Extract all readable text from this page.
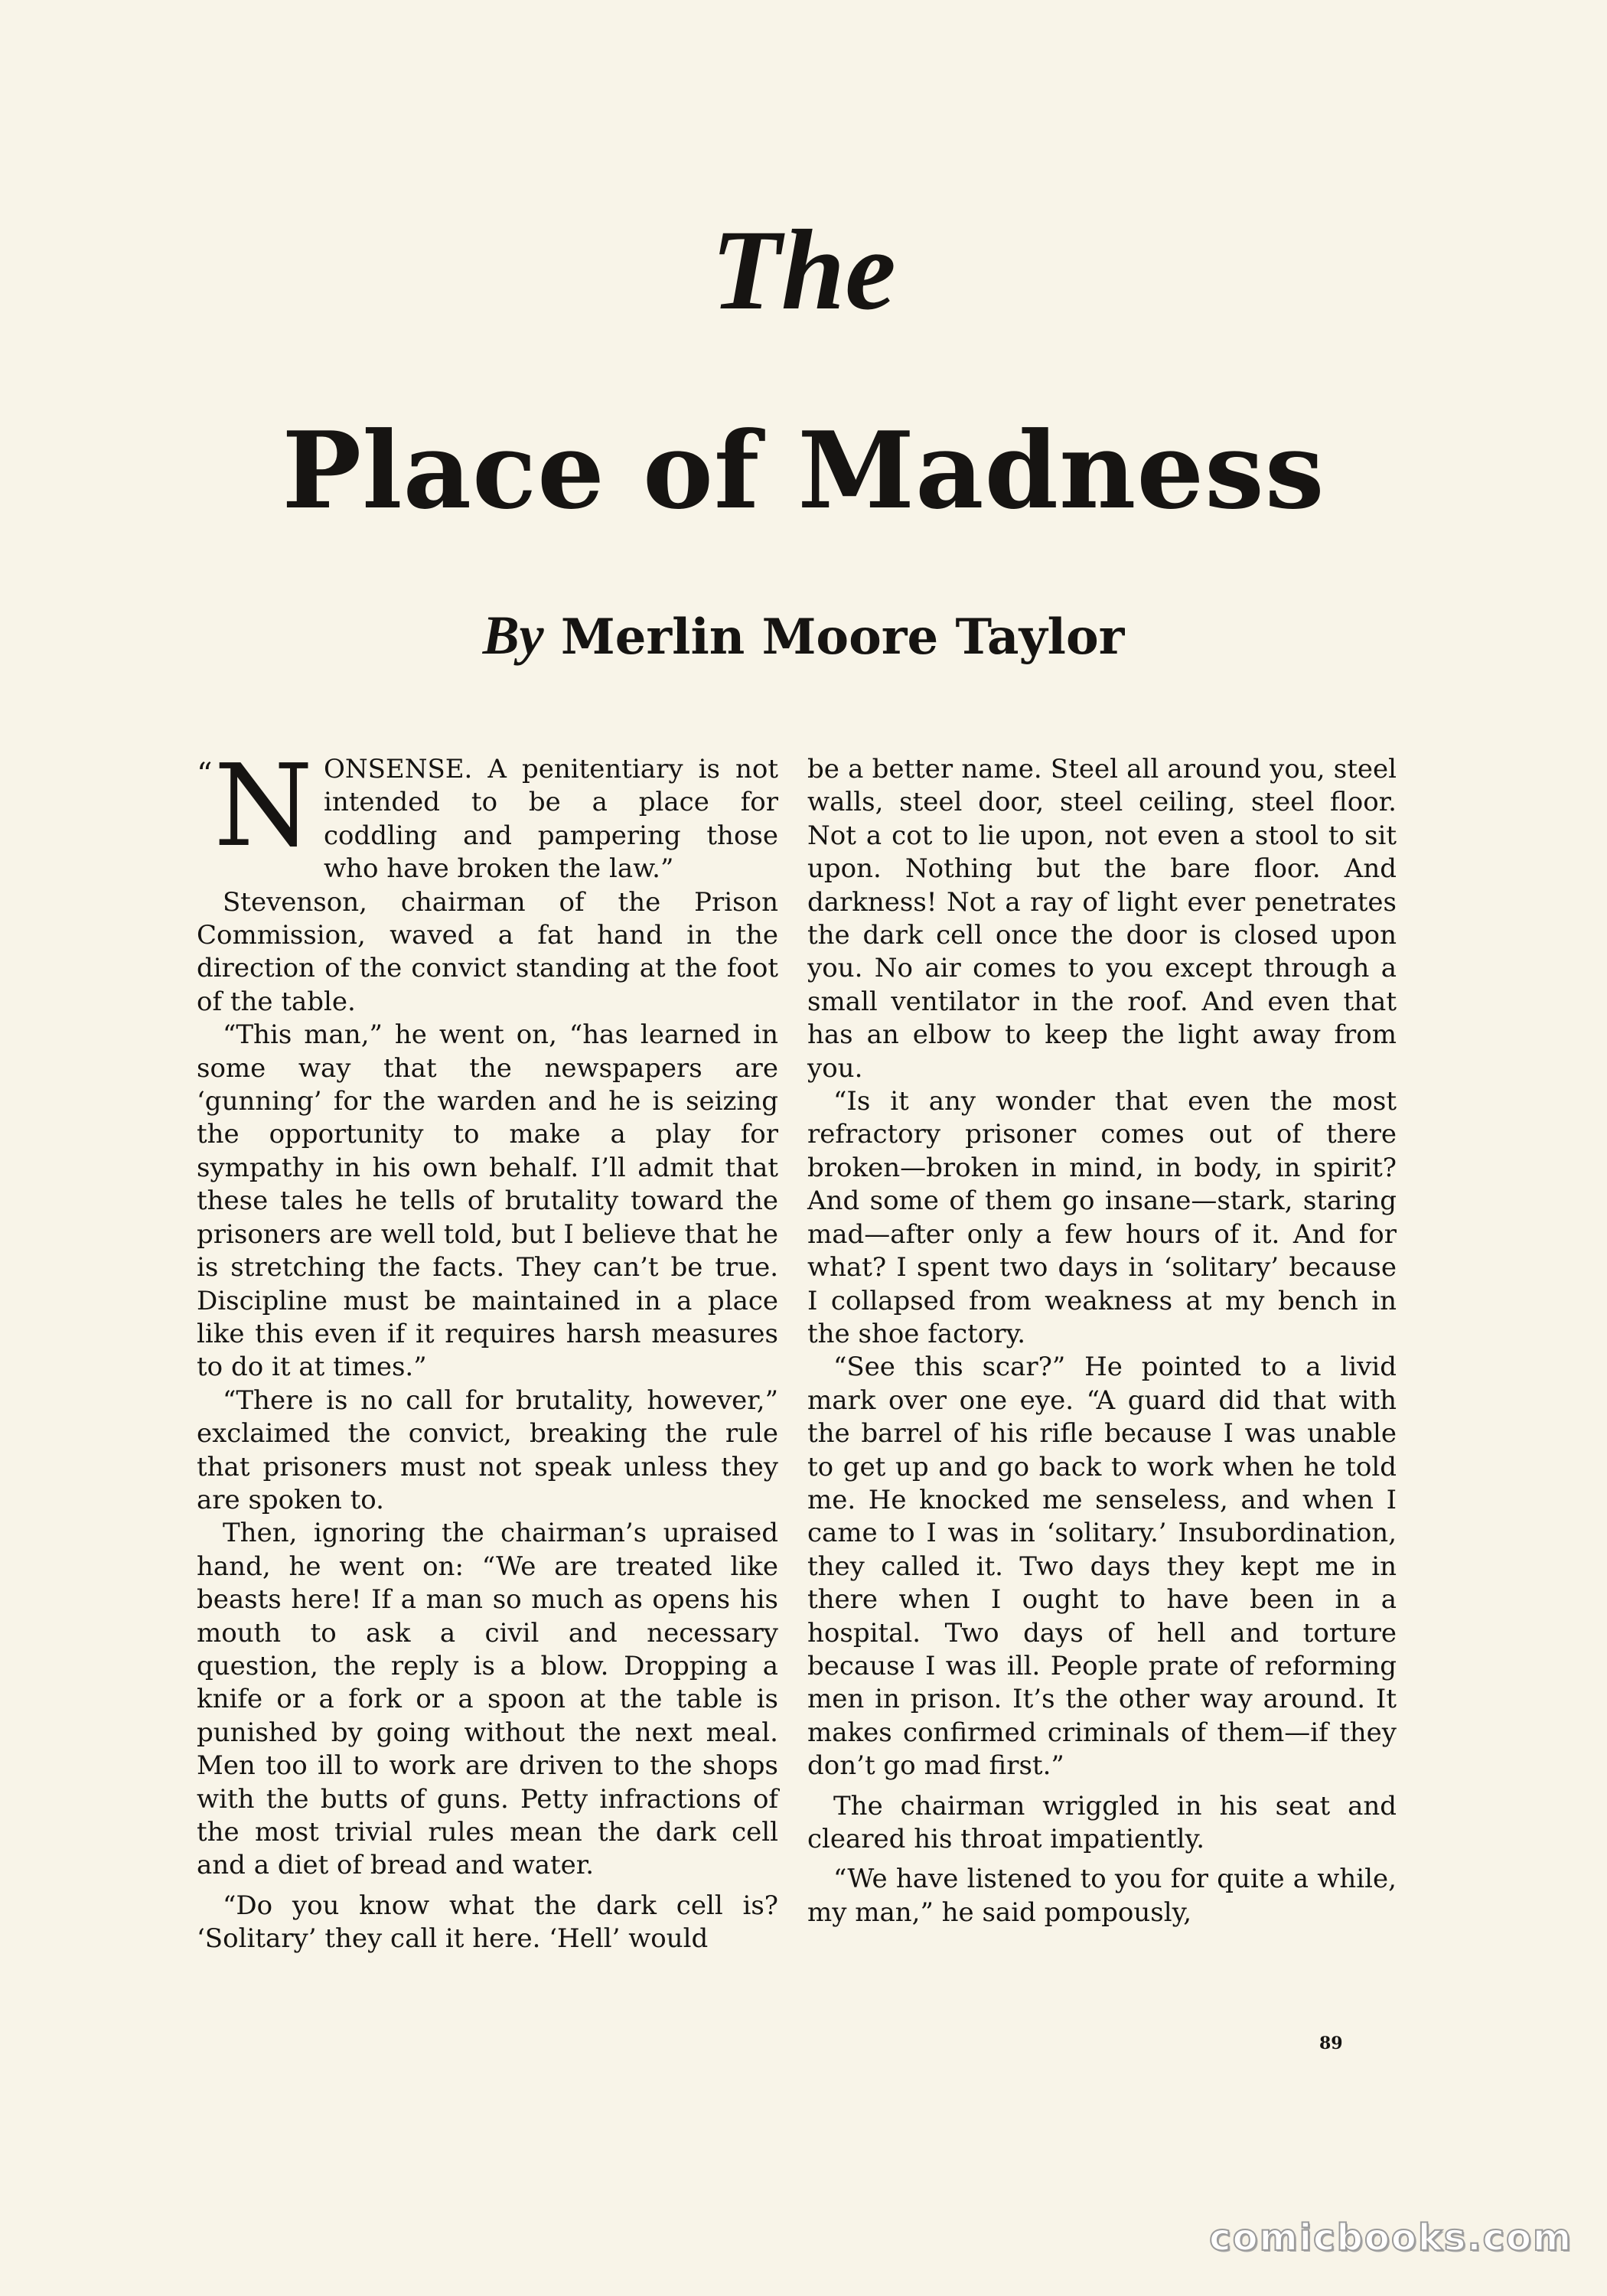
The
Place of Madness
By Merlin Moore Taylor
“ N ONSENSE. A penitentiary is not intended to be a place for coddling and pampering those who have broken the law.”

Stevenson, chairman of the Prison Commission, waved a fat hand in the direction of the convict standing at the foot of the table.

“This man,” he went on, “has learned in some way that the newspapers are ‘gunning’ for the warden and he is seizing the opportunity to make a play for sympathy in his own behalf. I’ll admit that these tales he tells of brutality toward the prisoners are well told, but I believe that he is stretching the facts. They can’t be true. Discipline must be maintained in a place like this even if it requires harsh measures to do it at times.”

“There is no call for brutality, however,” exclaimed the convict, breaking the rule that prisoners must not speak unless they are spoken to.

Then, ignoring the chairman’s upraised hand, he went on: “We are treated like beasts here! If a man so much as opens his mouth to ask a civil and necessary question, the reply is a blow. Dropping a knife or a fork or a spoon at the table is punished by going without the next meal. Men too ill to work are driven to the shops with the butts of guns. Petty infractions of the most trivial rules mean the dark cell and a diet of bread and water.

“Do you know what the dark cell is? ‘Solitary’ they call it here. ‘Hell’ would

be a better name. Steel all around you, steel walls, steel door, steel ceiling, steel floor. Not a cot to lie upon, not even a stool to sit upon. Nothing but the bare floor. And darkness! Not a ray of light ever penetrates the dark cell once the door is closed upon you. No air comes to you except through a small ventilator in the roof. And even that has an elbow to keep the light away from you.

“Is it any wonder that even the most refractory prisoner comes out of there broken—broken in mind, in body, in spirit? And some of them go insane—stark, staring mad—after only a few hours of it. And for what? I spent two days in ‘solitary’ because I collapsed from weakness at my bench in the shoe factory.

“See this scar?” He pointed to a livid mark over one eye. “A guard did that with the barrel of his rifle because I was unable to get up and go back to work when he told me. He knocked me senseless, and when I came to I was in ‘solitary.’ Insubordination, they called it. Two days they kept me in there when I ought to have been in a hospital. Two days of hell and torture because I was ill. People prate of reforming men in prison. It’s the other way around. It makes confirmed criminals of them—if they don’t go mad first.”

The chairman wriggled in his seat and cleared his throat impatiently.

“We have listened to you for quite a while, my man,” he said pompously,

89
comicbooks.com
